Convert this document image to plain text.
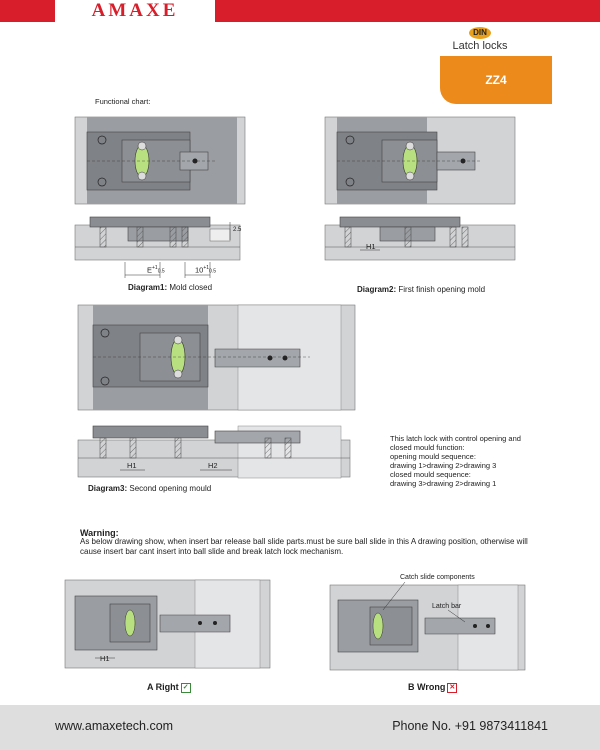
AMAXE
DIN
Latch locks
ZZ4
Functional chart:
$E^{+1}0.5$	$10^{+1}0.5$
2.5
H1
H1	H2
H1
Diagram1: Mold closed	Diagram2: First finish opening mold
Diagram3: Second opening mould
This latch lock with control opening and
closed mould function:
opening mould sequence:
drawing 1>drawing 2>drawing 3
closed mould sequence:
drawing 3>drawing 2>drawing 1
Warning:
As below drawing show, when insert bar release ball slide parts.must be sure ball slide in this A drawing position, otherwise will cause insert bar cant insert into ball slide and break latch lock mechanism.
Catch slide components
Latch bar
A Right ✓	B Wrong ✕
www.amaxetech.com	Phone No. +91 9873411841
